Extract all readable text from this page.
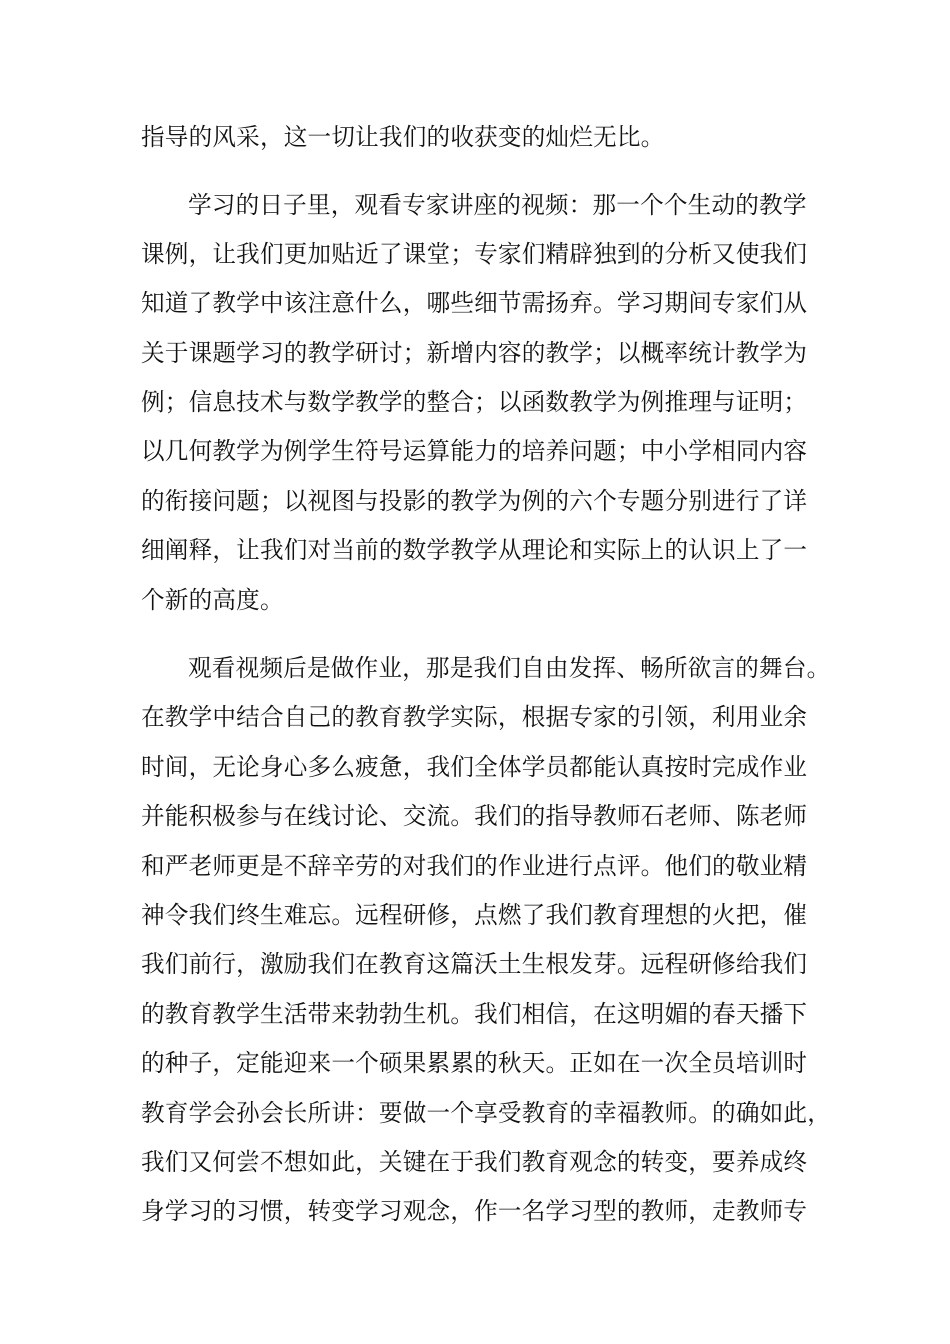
指导的风采，这一切让我们的收获变的灿烂无比。
学习的日子里，观看专家讲座的视频：那一个个生动的教学
课例，让我们更加贴近了课堂；专家们精辟独到的分析又使我们
知道了教学中该注意什么，哪些细节需扬弃。学习期间专家们从
关于课题学习的教学研讨；新增内容的教学；以概率统计教学为
例；信息技术与数学教学的整合；以函数教学为例推理与证明；
以几何教学为例学生符号运算能力的培养问题；中小学相同内容
的衔接问题；以视图与投影的教学为例的六个专题分别进行了详
细阐释，让我们对当前的数学教学从理论和实际上的认识上了一
个新的高度。
观看视频后是做作业，那是我们自由发挥、畅所欲言的舞台。
在教学中结合自己的教育教学实际，根据专家的引领，利用业余
时间，无论身心多么疲惫，我们全体学员都能认真按时完成作业
并能积极参与在线讨论、交流。我们的指导教师石老师、陈老师
和严老师更是不辞辛劳的对我们的作业进行点评。他们的敬业精
神令我们终生难忘。远程研修，点燃了我们教育理想的火把，催
我们前行，激励我们在教育这篇沃土生根发芽。远程研修给我们
的教育教学生活带来勃勃生机。我们相信，在这明媚的春天播下
的种子，定能迎来一个硕果累累的秋天。正如在一次全员培训时
教育学会孙会长所讲：要做一个享受教育的幸福教师。的确如此，
我们又何尝不想如此，关键在于我们教育观念的转变，要养成终
身学习的习惯，转变学习观念，作一名学习型的教师，走教师专
